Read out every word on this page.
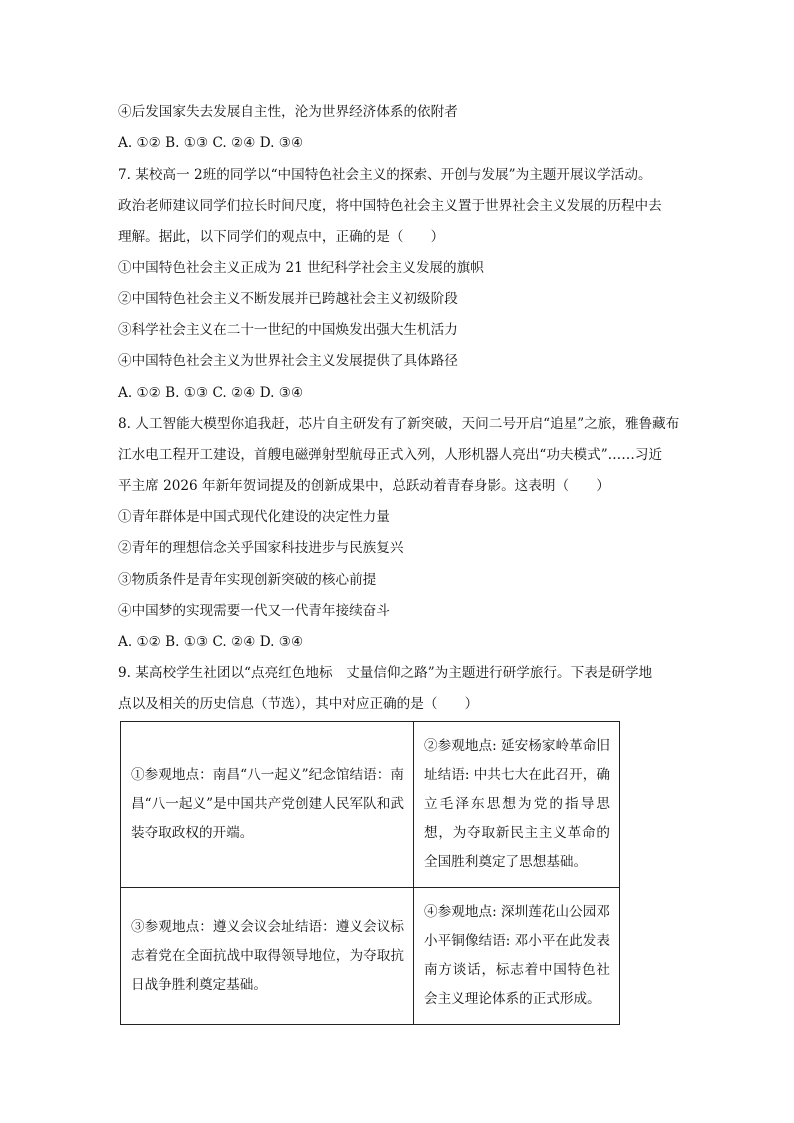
④后发国家失去发展自主性，沦为世界经济体系的依附者
A. ①② B. ①③ C. ②④ D. ③④
7. 某校高一 2班的同学以“中国特色社会主义的探索、开创与发展”为主题开展议学活动。
政治老师建议同学们拉长时间尺度，将中国特色社会主义置于世界社会主义发展的历程中去
理解。据此，以下同学们的观点中，正确的是（　　）
①中国特色社会主义正成为 21 世纪科学社会主义发展的旗帜
②中国特色社会主义不断发展并已跨越社会主义初级阶段
③科学社会主义在二十一世纪的中国焕发出强大生机活力
④中国特色社会主义为世界社会主义发展提供了具体路径
A. ①② B. ①③ C. ②④ D. ③④
8. 人工智能大模型你追我赶，芯片自主研发有了新突破，天问二号开启“追星”之旅，雅鲁藏布
江水电工程开工建设，首艘电磁弹射型航母正式入列，人形机器人亮出“功夫模式”……习近
平主席 2026 年新年贺词提及的创新成果中，总跃动着青春身影。这表明（　　）
①青年群体是中国式现代化建设的决定性力量
②青年的理想信念关乎国家科技进步与民族复兴
③物质条件是青年实现创新突破的核心前提
④中国梦的实现需要一代又一代青年接续奋斗
A. ①② B. ①③ C. ②④ D. ③④
9. 某高校学生社团以“点亮红色地标　丈量信仰之路”为主题进行研学旅行。下表是研学地
点以及相关的历史信息（节选），其中对应正确的是（　　）
①参观地点：南昌“八一起义”纪念馆结语：南昌“八一起义”是中国共产党创建人民军队和武装夺取政权的开端。	②参观地点: 延安杨家岭革命旧址结语: 中共七大在此召开，确立毛泽东思想为党的指导思想，为夺取新民主主义革命的全国胜利奠定了思想基础。
③参观地点：遵义会议会址结语：遵义会议标志着党在全面抗战中取得领导地位，为夺取抗日战争胜利奠定基础。	④参观地点: 深圳莲花山公园邓小平铜像结语: 邓小平在此发表南方谈话，标志着中国特色社会主义理论体系的正式形成。
